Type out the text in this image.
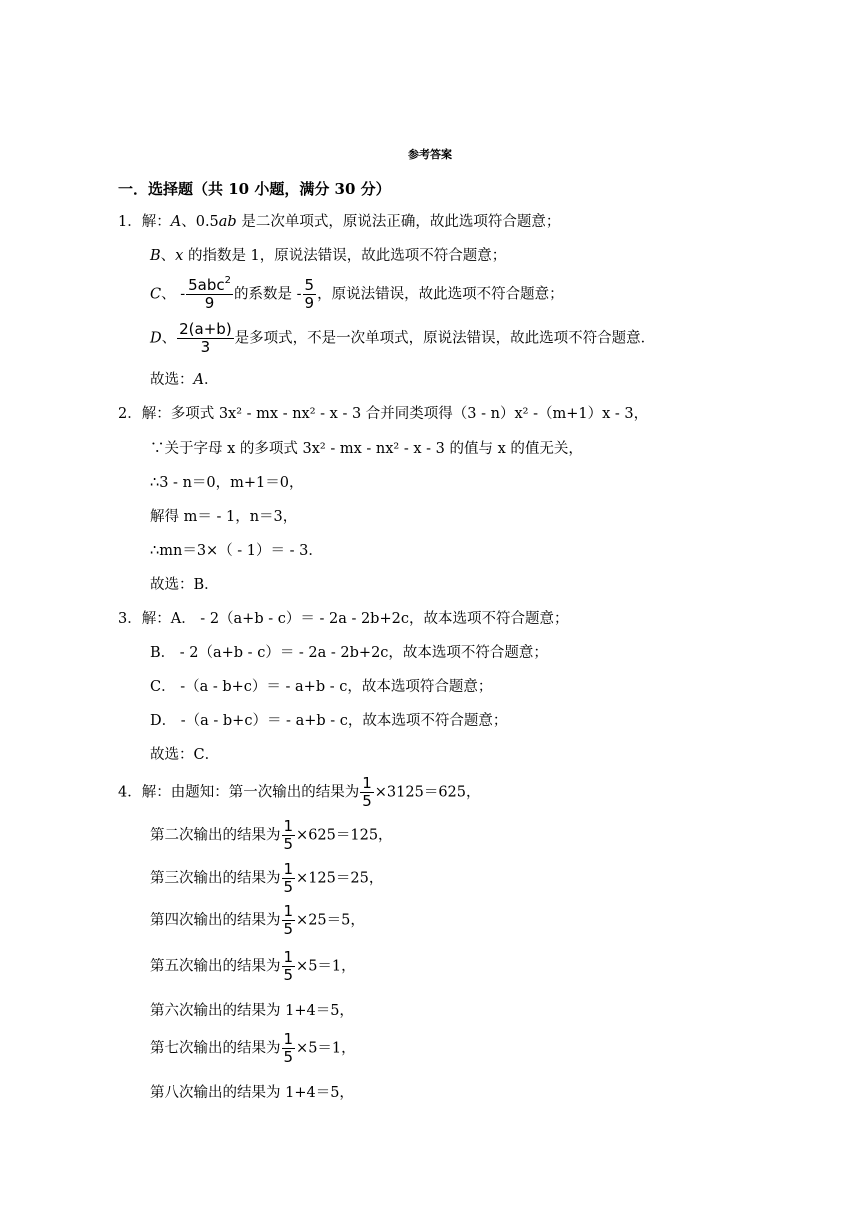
参考答案
一．选择题（共 10 小题，满分 30 分）
1．解：A、0.5ab 是二次单项式，原说法正确，故此选项符合题意；
B、x 的指数是 1，原说法错误，故此选项不符合题意；
C、 - $\frac{5abc^2}{9}$ 的系数是 - $\frac{5}{9}$ ，原说法错误，故此选项不符合题意；
D、 $\frac{2(a+b)}{3}$ 是多项式，不是一次单项式，原说法错误，故此选项不符合题意．
故选：A．
2．解：多项式 3x² - mx - nx² - x - 3 合并同类项得（3 - n）x² -（m+1）x - 3，
∵关于字母 x 的多项式 3x² - mx - nx² - x - 3 的值与 x 的值无关，
∴3 - n＝0，m+1＝0，
解得 m＝ - 1，n＝3，
∴mn＝3×（ - 1）＝ - 3．
故选：B．
3．解：A． - 2（a+b - c）＝ - 2a - 2b+2c，故本选项不符合题意；
B． - 2（a+b - c）＝ - 2a - 2b+2c，故本选项不符合题意；
C． -（a - b+c）＝ - a+b - c，故本选项符合题意；
D． -（a - b+c）＝ - a+b - c，故本选项不符合题意；
故选：C．
4．解：由题知：第一次输出的结果为 $\frac{1}{5} \times 3125=625$，
第二次输出的结果为 $\frac{1}{5} \times 625=125$，
第三次输出的结果为 $\frac{1}{5} \times 125=25$，
第四次输出的结果为 $\frac{1}{5} \times 25=5$，
第五次输出的结果为 $\frac{1}{5} \times 5=1$，
第六次输出的结果为 1+4＝5，
第七次输出的结果为 $\frac{1}{5} \times 5=1$，
第八次输出的结果为 1+4＝5，
